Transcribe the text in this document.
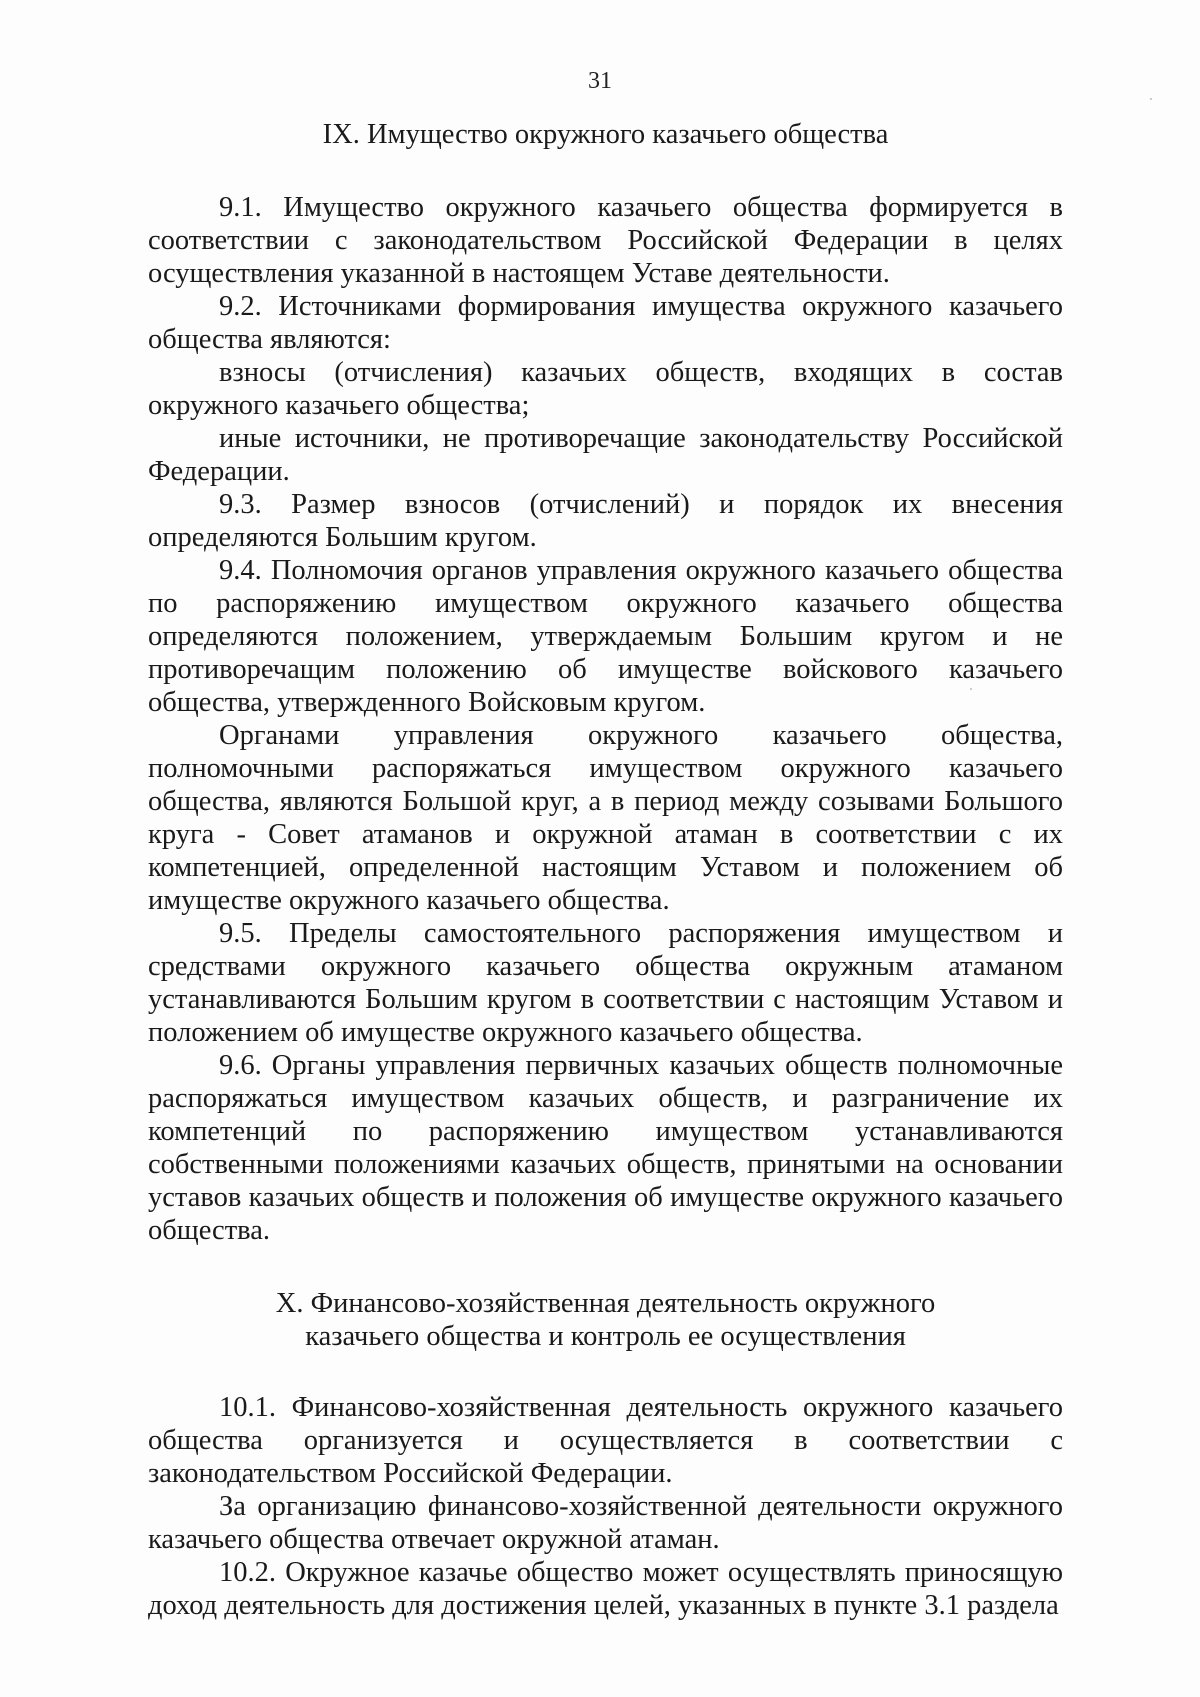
31
IX. Имущество окружного казачьего общества

9.1. Имущество окружного казачьего общества формируется в соответствии с законодательством Российской Федерации в целях осуществления указанной в настоящем Уставе деятельности.

9.2. Источниками формирования имущества окружного казачьего общества являются:

взносы (отчисления) казачьих обществ, входящих в состав окружного казачьего общества;

иные источники, не противоречащие законодательству Российской Федерации.

9.3. Размер взносов (отчислений) и порядок их внесения определяются Большим кругом.

9.4. Полномочия органов управления окружного казачьего общества по распоряжению имуществом окружного казачьего общества определяются положением, утверждаемым Большим кругом и не противоречащим положению об имуществе войскового казачьего общества, утвержденного Войсковым кругом.

Органами управления окружного казачьего общества, полномочными распоряжаться имуществом окружного казачьего общества, являются Большой круг, а в период между созывами Большого круга - Совет атаманов и окружной атаман в соответствии с их компетенцией, определенной настоящим Уставом и положением об имуществе окружного казачьего общества.

9.5. Пределы самостоятельного распоряжения имуществом и средствами окружного казачьего общества окружным атаманом устанавливаются Большим кругом в соответствии с настоящим Уставом и положением об имуществе окружного казачьего общества.

9.6. Органы управления первичных казачьих обществ полномочные распоряжаться имуществом казачьих обществ, и разграничение их компетенций по распоряжению имуществом устанавливаются собственными положениями казачьих обществ, принятыми на основании уставов казачьих обществ и положения об имуществе окружного казачьего общества.

X. Финансово-хозяйственная деятельность окружного казачьего общества и контроль ее осуществления

10.1. Финансово-хозяйственная деятельность окружного казачьего общества организуется и осуществляется в соответствии с законодательством Российской Федерации.

За организацию финансово-хозяйственной деятельности окружного казачьего общества отвечает окружной атаман.

10.2. Окружное казачье общество может осуществлять приносящую доход деятельность для достижения целей, указанных в пункте 3.1 раздела
